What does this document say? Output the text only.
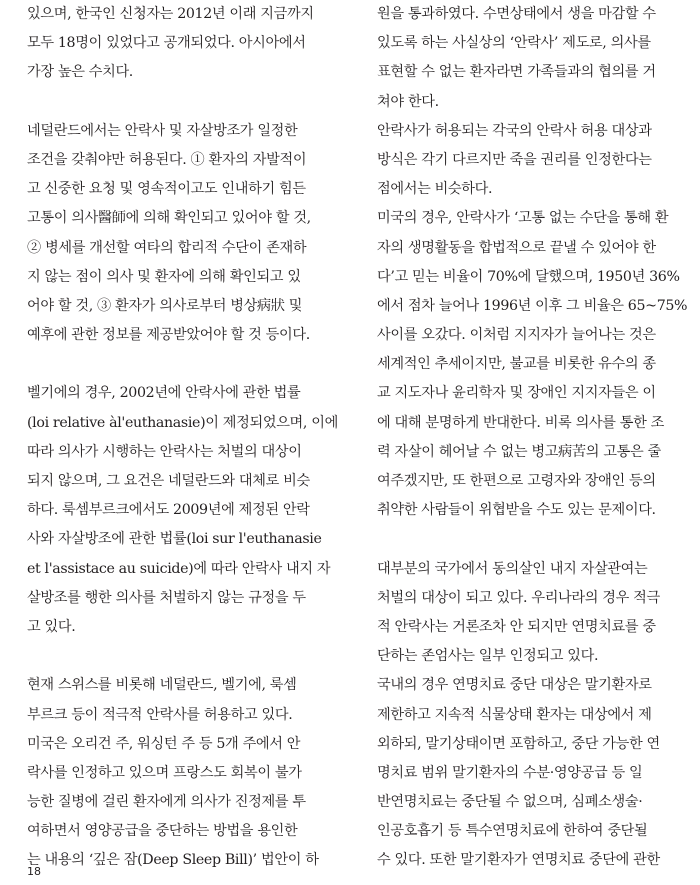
있으며, 한국인 신청자는 2012년 이래 지금까지
모두 18명이 있었다고 공개되었다. 아시아에서
가장 높은 수치다.
네덜란드에서는 안락사 및 자살방조가 일정한
조건을 갖춰야만 허용된다. ① 환자의 자발적이
고 신중한 요청 및 영속적이고도 인내하기 힘든
고통이 의사醫師에 의해 확인되고 있어야 할 것,
② 병세를 개선할 여타의 합리적 수단이 존재하
지 않는 점이 의사 및 환자에 의해 확인되고 있
어야 할 것, ③ 환자가 의사로부터 병상病狀 및
예후에 관한 정보를 제공받았어야 할 것 등이다.
벨기에의 경우, 2002년에 안락사에 관한 법률
(loi relative àl'euthanasie)이 제정되었으며, 이에
따라 의사가 시행하는 안락사는 처벌의 대상이
되지 않으며, 그 요건은 네덜란드와 대체로 비슷
하다. 룩셈부르크에서도 2009년에 제정된 안락
사와 자살방조에 관한 법률(loi sur l'euthanasie
et l'assistace au suicide)에 따라 안락사 내지 자
살방조를 행한 의사를 처벌하지 않는 규정을 두
고 있다.
현재 스위스를 비롯해 네덜란드, 벨기에, 룩셈
부르크 등이 적극적 안락사를 허용하고 있다.
미국은 오리건 주, 워싱턴 주 등 5개 주에서 안
락사를 인정하고 있으며 프랑스도 회복이 불가
능한 질병에 걸린 환자에게 의사가 진정제를 투
여하면서 영양공급을 중단하는 방법을 용인한
는 내용의 ‘깊은 잠(Deep Sleep Bill)’ 법안이 하
원을 통과하였다. 수면상태에서 생을 마감할 수
있도록 하는 사실상의 ‘안락사’ 제도로, 의사를
표현할 수 없는 환자라면 가족들과의 협의를 거
쳐야 한다.
안락사가 허용되는 각국의 안락사 허용 대상과
방식은 각기 다르지만 죽을 권리를 인정한다는
점에서는 비슷하다.
미국의 경우, 안락사가 ‘고통 없는 수단을 통해 환
자의 생명활동을 합법적으로 끝낼 수 있어야 한
다’고 믿는 비율이 70%에 달했으며, 1950년 36%
에서 점차 늘어나 1996년 이후 그 비율은 65~75%
사이를 오갔다. 이처럼 지지자가 늘어나는 것은
세계적인 추세이지만, 불교를 비롯한 유수의 종
교 지도자나 윤리학자 및 장애인 지지자들은 이
에 대해 분명하게 반대한다. 비록 의사를 통한 조
력 자살이 헤어날 수 없는 병고病苦의 고통은 줄
여주겠지만, 또 한편으로 고령자와 장애인 등의
취약한 사람들이 위협받을 수도 있는 문제이다.
대부분의 국가에서 동의살인 내지 자살관여는
처벌의 대상이 되고 있다. 우리나라의 경우 적극
적 안락사는 거론조차 안 되지만 연명치료를 중
단하는 존엄사는 일부 인정되고 있다.
국내의 경우 연명치료 중단 대상은 말기환자로
제한하고 지속적 식물상태 환자는 대상에서 제
외하되, 말기상태이면 포함하고, 중단 가능한 연
명치료 범위 말기환자의 수분·영양공급 등 일
반연명치료는 중단될 수 없으며, 심폐소생술·
인공호흡기 등 특수연명치료에 한하여 중단될
수 있다. 또한 말기환자가 연명치료 중단에 관한
18
